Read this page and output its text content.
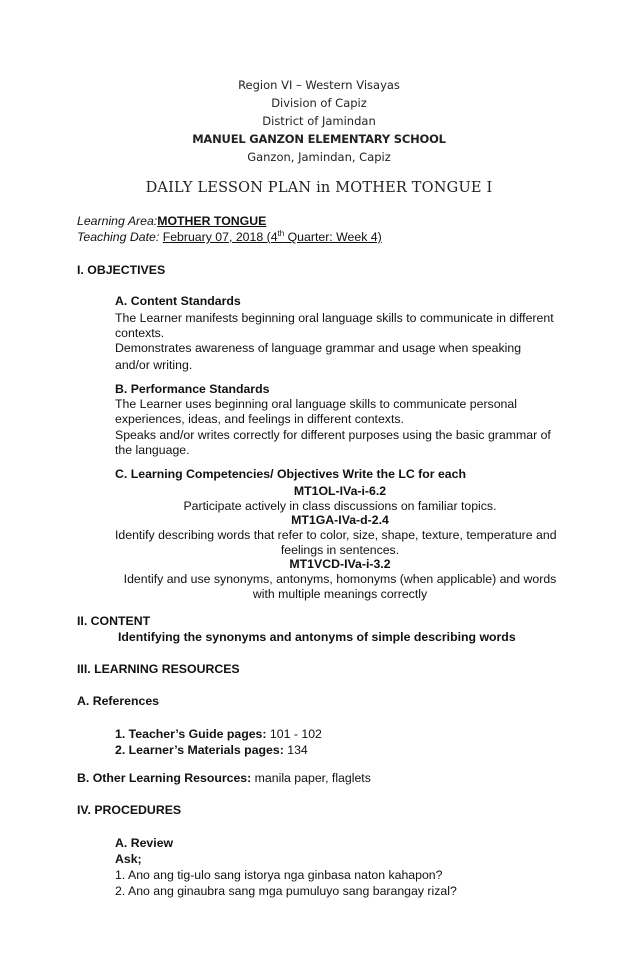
Region VI – Western Visayas
Division of Capiz
District of Jamindan
MANUEL GANZON ELEMENTARY SCHOOL
Ganzon, Jamindan, Capiz
DAILY LESSON PLAN in MOTHER TONGUE I
Learning Area:MOTHER TONGUE
Teaching Date: February 07, 2018 (4th Quarter: Week 4)
I. OBJECTIVES
A. Content Standards
The Learner manifests beginning oral language skills to communicate in different
contexts.
Demonstrates awareness of language grammar and usage when speaking
and/or writing.
B. Performance Standards
The Learner uses beginning oral language skills to communicate personal
experiences, ideas, and feelings in different contexts.
Speaks and/or writes correctly for different purposes using the basic grammar of
the language.
C. Learning Competencies/ Objectives Write the LC for each
MT1OL-IVa-i-6.2
Participate actively in class discussions on familiar topics.
MT1GA-IVa-d-2.4
Identify describing words that refer to color, size, shape, texture, temperature and
feelings in sentences.
MT1VCD-IVa-i-3.2
Identify and use synonyms, antonyms, homonyms (when applicable) and words
with multiple meanings correctly
II. CONTENT
Identifying the synonyms and antonyms of simple describing words
III. LEARNING RESOURCES
A. References
1. Teacher’s Guide pages: 101 - 102
2. Learner’s Materials pages: 134
B. Other Learning Resources: manila paper, flaglets
IV. PROCEDURES
A. Review
Ask;
1. Ano ang tig-ulo sang istorya nga ginbasa naton kahapon?
2. Ano ang ginaubra sang mga pumuluyo sang barangay rizal?
